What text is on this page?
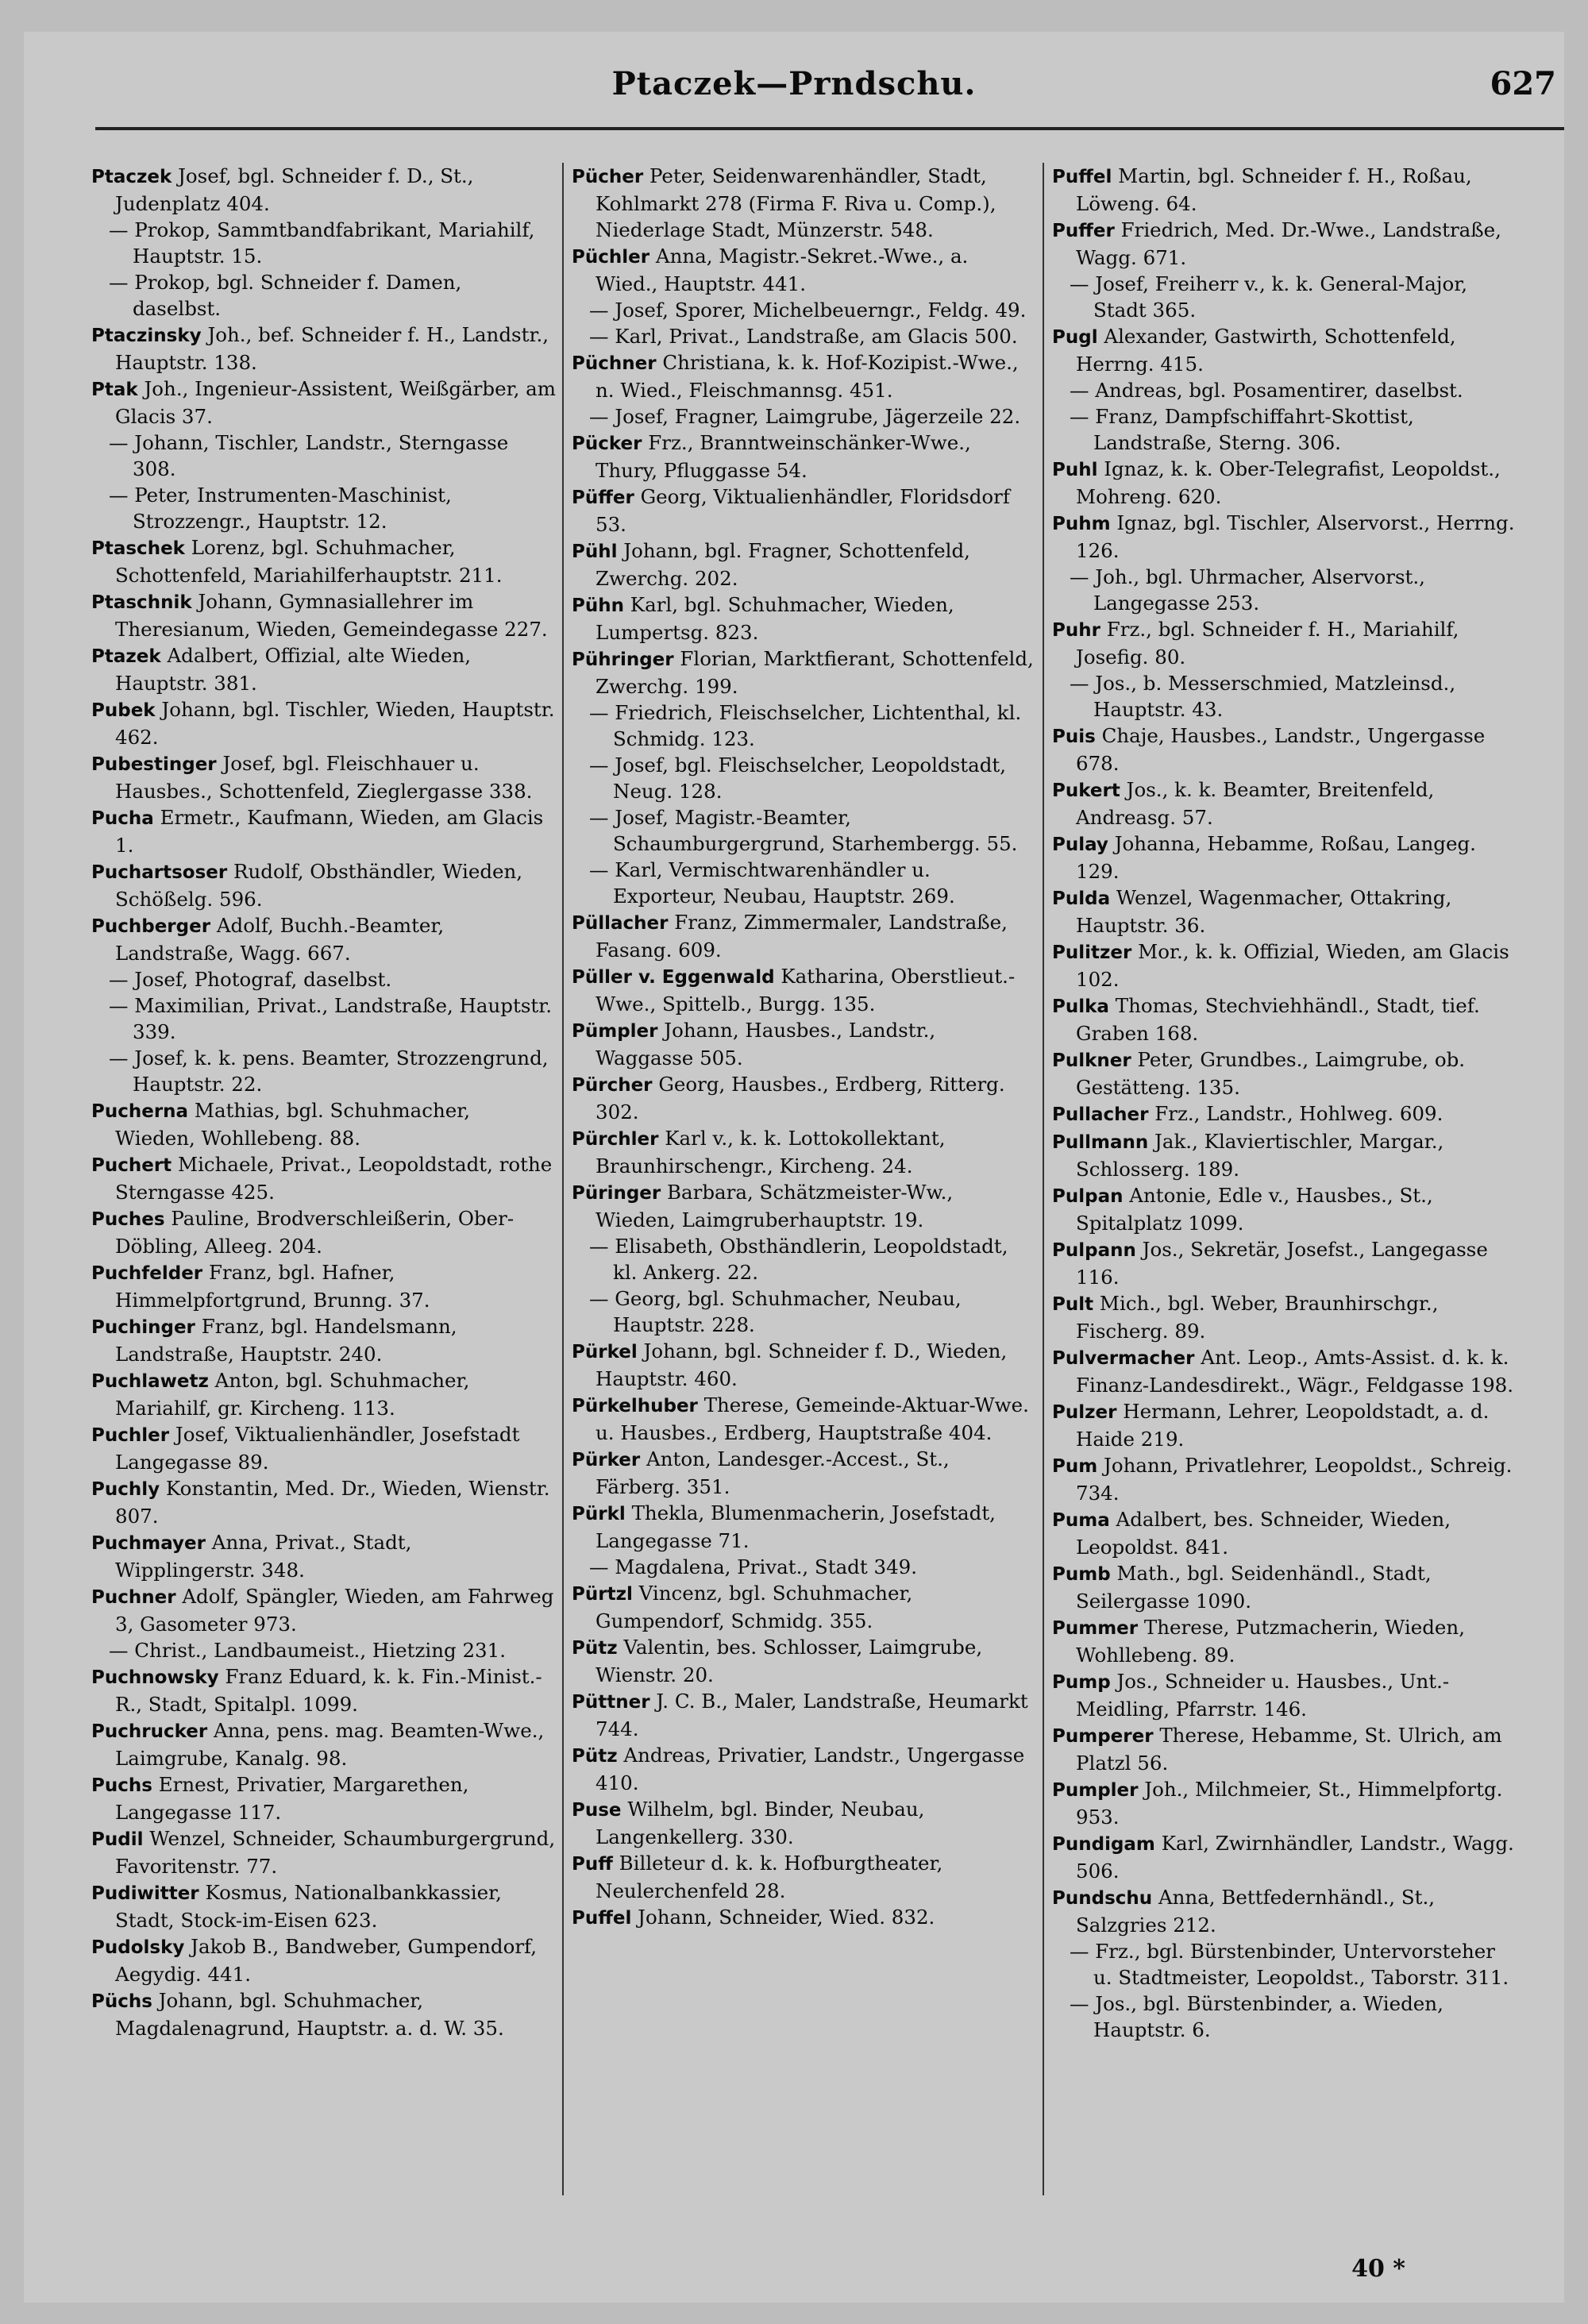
Ptaczek—Prndschu.	627
Ptaczek Josef, bgl. Schneider f. D., St., Judenplatz 404.
— Prokop, Sammtbandfabrikant, Mariahilf, Hauptstr. 15.
— Prokop, bgl. Schneider f. Damen, daselbst.
Ptaczinsky Joh., bef. Schneider f. H., Landstr., Hauptstr. 138.
Ptak Joh., Ingenieur-Assistent, Weißgärber, am Glacis 37.
— Johann, Tischler, Landstr., Sterngasse 308.
— Peter, Instrumenten-Maschinist, Strozzengr., Hauptstr. 12.
Ptaschek Lorenz, bgl. Schuhmacher, Schottenfeld, Mariahilferhauptstr. 211.
Ptaschnik Johann, Gymnasiallehrer im Theresianum, Wieden, Gemeindegasse 227.
Ptazek Adalbert, Offizial, alte Wieden, Hauptstr. 381.
Pubek Johann, bgl. Tischler, Wieden, Hauptstr. 462.
Pubestinger Josef, bgl. Fleischhauer u. Hausbes., Schottenfeld, Zieglergasse 338.
Pucha Ermetr., Kaufmann, Wieden, am Glacis 1.
Puchartsoser Rudolf, Obsthändler, Wieden, Schößelg. 596.
Puchberger Adolf, Buchh.-Beamter, Landstraße, Wagg. 667.
— Josef, Photograf, daselbst.
— Maximilian, Privat., Landstraße, Hauptstr. 339.
— Josef, k. k. pens. Beamter, Strozzengrund, Hauptstr. 22.
Pucherna Mathias, bgl. Schuhmacher, Wieden, Wohllebeng. 88.
Puchert Michaele, Privat., Leopoldstadt, rothe Sterngasse 425.
Puches Pauline, Brodverschleißerin, Ober-Döbling, Alleeg. 204.
Puchfelder Franz, bgl. Hafner, Himmelpfortgrund, Brunng. 37.
Puchinger Franz, bgl. Handelsmann, Landstraße, Hauptstr. 240.
Puchlawetz Anton, bgl. Schuhmacher, Mariahilf, gr. Kircheng. 113.
Puchler Josef, Viktualienhändler, Josefstadt Langegasse 89.
Puchly Konstantin, Med. Dr., Wieden, Wienstr. 807.
Puchmayer Anna, Privat., Stadt, Wipplingerstr. 348.
Puchner Adolf, Spängler, Wieden, am Fahrweg 3, Gasometer 973.
— Christ., Landbaumeist., Hietzing 231.
Puchnowsky Franz Eduard, k. k. Fin.-Minist.-R., Stadt, Spitalpl. 1099.
Puchrucker Anna, pens. mag. Beamten-Wwe., Laimgrube, Kanalg. 98.
Puchs Ernest, Privatier, Margarethen, Langegasse 117.
Pudil Wenzel, Schneider, Schaumburgergrund, Favoritenstr. 77.
Pudiwitter Kosmus, Nationalbankkassier, Stadt, Stock-im-Eisen 623.
Pudolsky Jakob B., Bandweber, Gumpendorf, Aegydig. 441.
Püchs Johann, bgl. Schuhmacher, Magdalenagrund, Hauptstr. a. d. W. 35.
Pücher Peter, Seidenwarenhändler, Stadt, Kohlmarkt 278 (Firma F. Riva u. Comp.), Niederlage Stadt, Münzerstr. 548.
Püchler Anna, Magistr.-Sekret.-Wwe., a. Wied., Hauptstr. 441.
— Josef, Sporer, Michelbeuerngr., Feldg. 49.
— Karl, Privat., Landstraße, am Glacis 500.
Püchner Christiana, k. k. Hof-Kozipist.-Wwe., n. Wied., Fleischmannsg. 451.
— Josef, Fragner, Laimgrube, Jägerzeile 22.
Pücker Frz., Branntweinschänker-Wwe., Thury, Pfluggasse 54.
Püffer Georg, Viktualienhändler, Floridsdorf 53.
Pühl Johann, bgl. Fragner, Schottenfeld, Zwerchg. 202.
Pühn Karl, bgl. Schuhmacher, Wieden, Lumpertsg. 823.
Pühringer Florian, Marktfierant, Schottenfeld, Zwerchg. 199.
— Friedrich, Fleischselcher, Lichtenthal, kl. Schmidg. 123.
— Josef, bgl. Fleischselcher, Leopoldstadt, Neug. 128.
— Josef, Magistr.-Beamter, Schaumburgergrund, Starhembergg. 55.
— Karl, Vermischtwarenhändler u. Exporteur, Neubau, Hauptstr. 269.
Püllacher Franz, Zimmermaler, Landstraße, Fasang. 609.
Püller v. Eggenwald Katharina, Oberstlieut.-Wwe., Spittelb., Burgg. 135.
Pümpler Johann, Hausbes., Landstr., Waggasse 505.
Pürcher Georg, Hausbes., Erdberg, Ritterg. 302.
Pürchler Karl v., k. k. Lottokollektant, Braunhirschengr., Kircheng. 24.
Püringer Barbara, Schätzmeister-Ww., Wieden, Laimgruberhauptstr. 19.
— Elisabeth, Obsthändlerin, Leopoldstadt, kl. Ankerg. 22.
— Georg, bgl. Schuhmacher, Neubau, Hauptstr. 228.
Pürkel Johann, bgl. Schneider f. D., Wieden, Hauptstr. 460.
Pürkelhuber Therese, Gemeinde-Aktuar-Wwe. u. Hausbes., Erdberg, Hauptstraße 404.
Pürker Anton, Landesger.-Accest., St., Färberg. 351.
Pürkl Thekla, Blumenmacherin, Josefstadt, Langegasse 71.
— Magdalena, Privat., Stadt 349.
Pürtzl Vincenz, bgl. Schuhmacher, Gumpendorf, Schmidg. 355.
Pütz Valentin, bes. Schlosser, Laimgrube, Wienstr. 20.
Püttner J. C. B., Maler, Landstraße, Heumarkt 744.
Pütz Andreas, Privatier, Landstr., Ungergasse 410.
Puse Wilhelm, bgl. Binder, Neubau, Langenkellerg. 330.
Puff Billeteur d. k. k. Hofburgtheater, Neulerchenfeld 28.
Puffel Johann, Schneider, Wied. 832.
Puffel Martin, bgl. Schneider f. H., Roßau, Löweng. 64.
Puffer Friedrich, Med. Dr.-Wwe., Landstraße, Wagg. 671.
— Josef, Freiherr v., k. k. General-Major, Stadt 365.
Pugl Alexander, Gastwirth, Schottenfeld, Herrng. 415.
— Andreas, bgl. Posamentirer, daselbst.
— Franz, Dampfschiffahrt-Skottist, Landstraße, Sterng. 306.
Puhl Ignaz, k. k. Ober-Telegrafist, Leopoldst., Mohreng. 620.
Puhm Ignaz, bgl. Tischler, Alservorst., Herrng. 126.
— Joh., bgl. Uhrmacher, Alservorst., Langegasse 253.
Puhr Frz., bgl. Schneider f. H., Mariahilf, Josefig. 80.
— Jos., b. Messerschmied, Matzleinsd., Hauptstr. 43.
Puis Chaje, Hausbes., Landstr., Ungergasse 678.
Pukert Jos., k. k. Beamter, Breitenfeld, Andreasg. 57.
Pulay Johanna, Hebamme, Roßau, Langeg. 129.
Pulda Wenzel, Wagenmacher, Ottakring, Hauptstr. 36.
Pulitzer Mor., k. k. Offizial, Wieden, am Glacis 102.
Pulka Thomas, Stechviehhändl., Stadt, tief. Graben 168.
Pulkner Peter, Grundbes., Laimgrube, ob. Gestätteng. 135.
Pullacher Frz., Landstr., Hohlweg. 609.
Pullmann Jak., Klaviertischler, Margar., Schlosserg. 189.
Pulpan Antonie, Edle v., Hausbes., St., Spitalplatz 1099.
Pulpann Jos., Sekretär, Josefst., Langegasse 116.
Pult Mich., bgl. Weber, Braunhirschgr., Fischerg. 89.
Pulvermacher Ant. Leop., Amts-Assist. d. k. k. Finanz-Landesdirekt., Wägr., Feldgasse 198.
Pulzer Hermann, Lehrer, Leopoldstadt, a. d. Haide 219.
Pum Johann, Privatlehrer, Leopoldst., Schreig. 734.
Puma Adalbert, bes. Schneider, Wieden, Leopoldst. 841.
Pumb Math., bgl. Seidenhändl., Stadt, Seilergasse 1090.
Pummer Therese, Putzmacherin, Wieden, Wohllebeng. 89.
Pump Jos., Schneider u. Hausbes., Unt.-Meidling, Pfarrstr. 146.
Pumperer Therese, Hebamme, St. Ulrich, am Platzl 56.
Pumpler Joh., Milchmeier, St., Himmelpfortg. 953.
Pundigam Karl, Zwirnhändler, Landstr., Wagg. 506.
Pundschu Anna, Bettfedernhändl., St., Salzgries 212.
— Frz., bgl. Bürstenbinder, Untervorsteher u. Stadtmeister, Leopoldst., Taborstr. 311.
— Jos., bgl. Bürstenbinder, a. Wieden, Hauptstr. 6.
40 *
